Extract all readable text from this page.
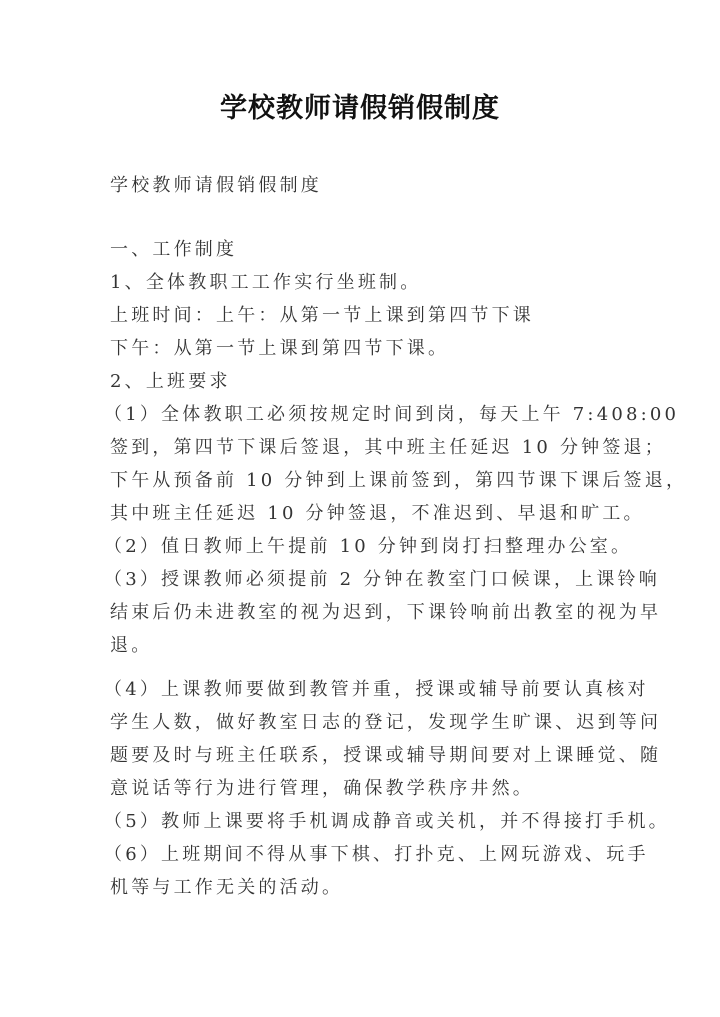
学校教师请假销假制度
学校教师请假销假制度
一、工作制度
1、全体教职工工作实行坐班制。
上班时间：上午：从第一节上课到第四节下课
下午：从第一节上课到第四节下课。
2、上班要求
（1）全体教职工必须按规定时间到岗，每天上午 7:408:00
签到，第四节下课后签退，其中班主任延迟 10 分钟签退；
下午从预备前 10 分钟到上课前签到，第四节课下课后签退，
其中班主任延迟 10 分钟签退，不准迟到、早退和旷工。
（2）值日教师上午提前 10 分钟到岗打扫整理办公室。
（3）授课教师必须提前 2 分钟在教室门口候课，上课铃响
结束后仍未进教室的视为迟到，下课铃响前出教室的视为早
退。
（4）上课教师要做到教管并重，授课或辅导前要认真核对
学生人数，做好教室日志的登记，发现学生旷课、迟到等问
题要及时与班主任联系，授课或辅导期间要对上课睡觉、随
意说话等行为进行管理，确保教学秩序井然。
（5）教师上课要将手机调成静音或关机，并不得接打手机。
（6）上班期间不得从事下棋、打扑克、上网玩游戏、玩手
机等与工作无关的活动。
